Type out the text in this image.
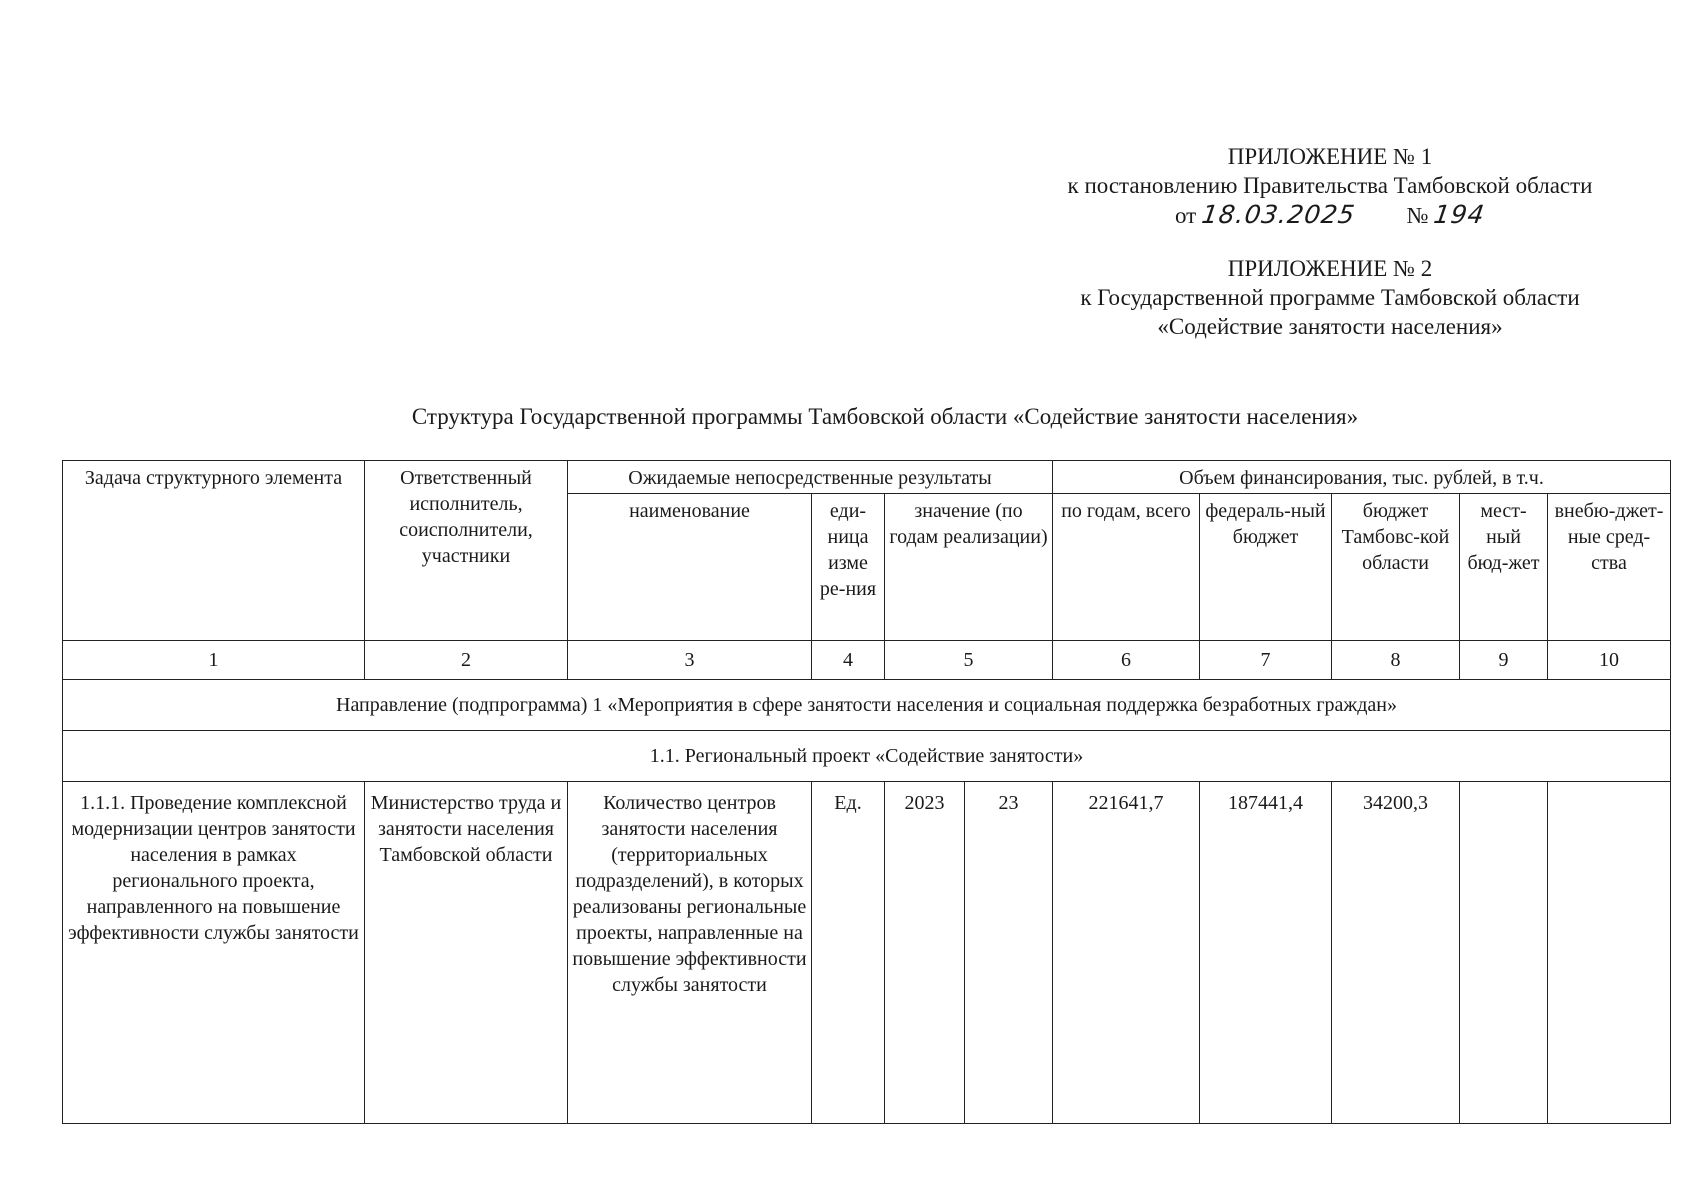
ПРИЛОЖЕНИЕ № 1
к постановлению Правительства Тамбовской области
от 18.03.2025 № 194
ПРИЛОЖЕНИЕ № 2
к Государственной программе Тамбовской области
«Содействие занятости населения»
Структура Государственной программы Тамбовской области «Содействие занятости населения»
Задача структурного элемента	Ответственный исполнитель, соисполнители, участники	Ожидаемые непосредственные результаты				Объем финансирования, тыс. рублей, в т.ч.				
		наименование	еди-ница изме ре-ния	значение (по годам реализации)		по годам, всего	федераль-ный бюджет	бюджет Тамбовс-кой области	мест-ный бюд-жет	внебю-джет-ные сред-ства
1	2	3	4	5		6	7	8	9	10
Направление (подпрограмма) 1 «Мероприятия в сфере занятости населения и социальная поддержка безработных граждан»										
1.1. Региональный проект «Содействие занятости»										
1.1.1. Проведение комплексной модернизации центров занятости населения в рамках регионального проекта, направленного на повышение эффективности службы занятости	Министерство труда и занятости населения Тамбовской области	Количество центров занятости населения (территориальных подразделений), в которых реализованы региональные проекты, направленные на повышение эффективности службы занятости	Ед.	2023	23	221641,7	187441,4	34200,3		
